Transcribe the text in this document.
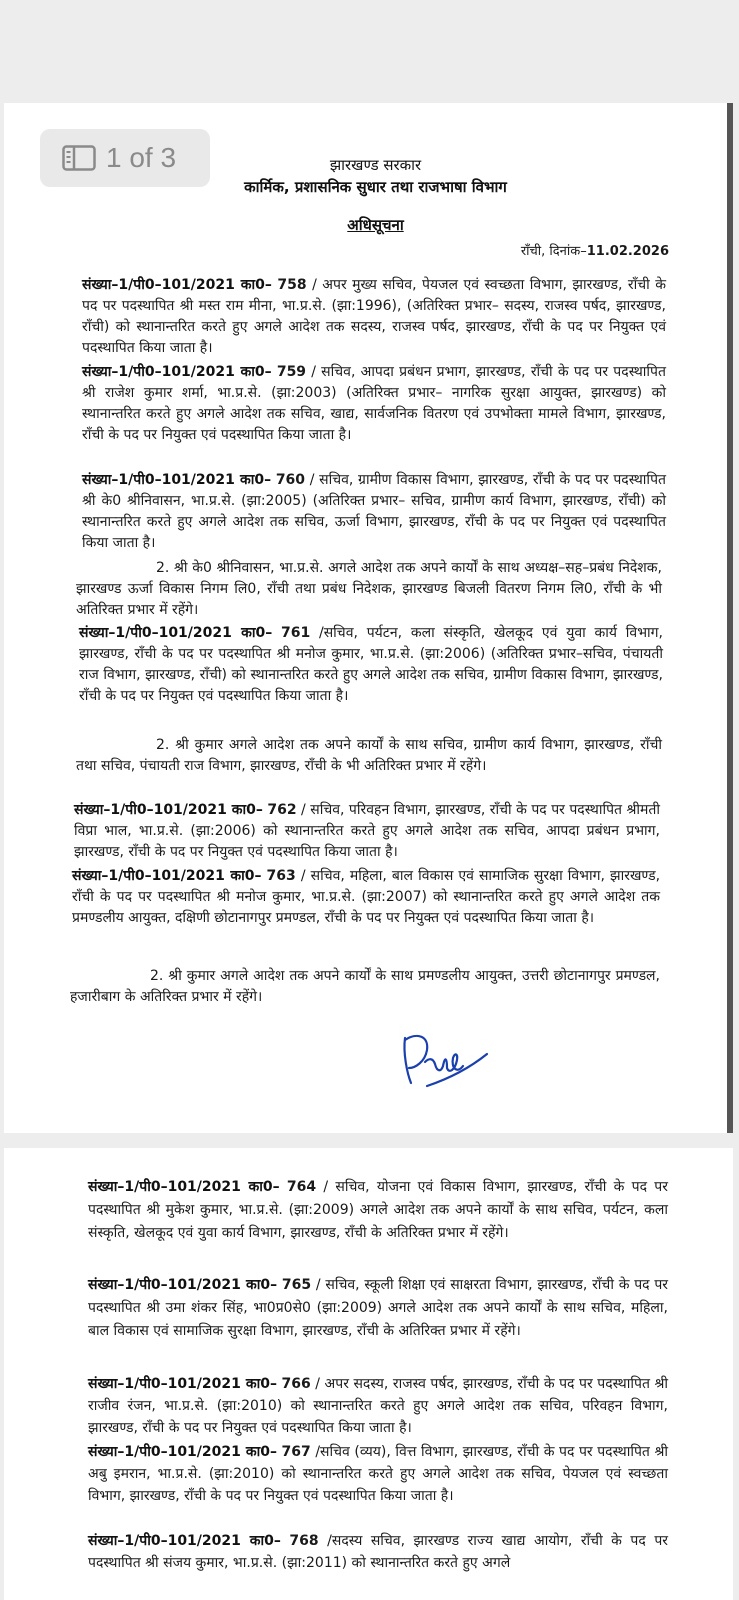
1 of 3	झारखण्ड सरकार
कार्मिक, प्रशासनिक सुधार तथा राजभाषा विभाग
अधिसूचना
राँची, दिनांक–11.02.2026

संख्या–1/पी0–101/2021 का0– 758 / अपर मुख्य सचिव, पेयजल एवं स्वच्छता विभाग, झारखण्ड, राँची के पद पर पदस्थापित श्री मस्त राम मीना, भा.प्र.से. (झा:1996), (अतिरिक्त प्रभार– सदस्य, राजस्व पर्षद, झारखण्ड, राँची) को स्थानान्तरित करते हुए अगले आदेश तक सदस्य, राजस्व पर्षद, झारखण्ड, राँची के पद पर नियुक्त एवं पदस्थापित किया जाता है।

संख्या–1/पी0–101/2021 का0– 759 / सचिव, आपदा प्रबंधन प्रभाग, झारखण्ड, राँची के पद पर पदस्थापित श्री राजेश कुमार शर्मा, भा.प्र.से. (झा:2003) (अतिरिक्त प्रभार– नागरिक सुरक्षा आयुक्त, झारखण्ड) को स्थानान्तरित करते हुए अगले आदेश तक सचिव, खाद्य, सार्वजनिक वितरण एवं उपभोक्ता मामले विभाग, झारखण्ड, राँची के पद पर नियुक्त एवं पदस्थापित किया जाता है।

संख्या–1/पी0–101/2021 का0– 760 / सचिव, ग्रामीण विकास विभाग, झारखण्ड, राँची के पद पर पदस्थापित श्री के0 श्रीनिवासन, भा.प्र.से. (झा:2005) (अतिरिक्त प्रभार– सचिव, ग्रामीण कार्य विभाग, झारखण्ड, राँची) को स्थानान्तरित करते हुए अगले आदेश तक सचिव, ऊर्जा विभाग, झारखण्ड, राँची के पद पर नियुक्त एवं पदस्थापित किया जाता है।

2. श्री के0 श्रीनिवासन, भा.प्र.से. अगले आदेश तक अपने कार्यों के साथ अध्यक्ष–सह–प्रबंध निदेशक, झारखण्ड ऊर्जा विकास निगम लि0, राँची तथा प्रबंध निदेशक, झारखण्ड बिजली वितरण निगम लि0, राँची के भी अतिरिक्त प्रभार में रहेंगे।

संख्या–1/पी0–101/2021 का0– 761 /सचिव, पर्यटन, कला संस्कृति, खेलकूद एवं युवा कार्य विभाग, झारखण्ड, राँची के पद पर पदस्थापित श्री मनोज कुमार, भा.प्र.से. (झा:2006) (अतिरिक्त प्रभार–सचिव, पंचायती राज विभाग, झारखण्ड, राँची) को स्थानान्तरित करते हुए अगले आदेश तक सचिव, ग्रामीण विकास विभाग, झारखण्ड, राँची के पद पर नियुक्त एवं पदस्थापित किया जाता है।

2. श्री कुमार अगले आदेश तक अपने कार्यों के साथ सचिव, ग्रामीण कार्य विभाग, झारखण्ड, राँची तथा सचिव, पंचायती राज विभाग, झारखण्ड, राँची के भी अतिरिक्त प्रभार में रहेंगे।

संख्या–1/पी0–101/2021 का0– 762 / सचिव, परिवहन विभाग, झारखण्ड, राँची के पद पर पदस्थापित श्रीमती विप्रा भाल, भा.प्र.से. (झा:2006) को स्थानान्तरित करते हुए अगले आदेश तक सचिव, आपदा प्रबंधन प्रभाग, झारखण्ड, राँची के पद पर नियुक्त एवं पदस्थापित किया जाता है।

संख्या–1/पी0–101/2021 का0– 763 / सचिव, महिला, बाल विकास एवं सामाजिक सुरक्षा विभाग, झारखण्ड, राँची के पद पर पदस्थापित श्री मनोज कुमार, भा.प्र.से. (झा:2007) को स्थानान्तरित करते हुए अगले आदेश तक प्रमण्डलीय आयुक्त, दक्षिणी छोटानागपुर प्रमण्डल, राँची के पद पर नियुक्त एवं पदस्थापित किया जाता है।

2. श्री कुमार अगले आदेश तक अपने कार्यों के साथ प्रमण्डलीय आयुक्त, उत्तरी छोटानागपुर प्रमण्डल, हजारीबाग के अतिरिक्त प्रभार में रहेंगे।

संख्या–1/पी0–101/2021 का0– 764 / सचिव, योजना एवं विकास विभाग, झारखण्ड, राँची के पद पर पदस्थापित श्री मुकेश कुमार, भा.प्र.से. (झा:2009) अगले आदेश तक अपने कार्यों के साथ सचिव, पर्यटन, कला संस्कृति, खेलकूद एवं युवा कार्य विभाग, झारखण्ड, राँची के अतिरिक्त प्रभार में रहेंगे।

संख्या–1/पी0–101/2021 का0– 765 / सचिव, स्कूली शिक्षा एवं साक्षरता विभाग, झारखण्ड, राँची के पद पर पदस्थापित श्री उमा शंकर सिंह, भा0प्र0से0 (झा:2009) अगले आदेश तक अपने कार्यों के साथ सचिव, महिला, बाल विकास एवं सामाजिक सुरक्षा विभाग, झारखण्ड, राँची के अतिरिक्त प्रभार में रहेंगे।

संख्या–1/पी0–101/2021 का0– 766 / अपर सदस्य, राजस्व पर्षद, झारखण्ड, राँची के पद पर पदस्थापित श्री राजीव रंजन, भा.प्र.से. (झा:2010) को स्थानान्तरित करते हुए अगले आदेश तक सचिव, परिवहन विभाग, झारखण्ड, राँची के पद पर नियुक्त एवं पदस्थापित किया जाता है।

संख्या–1/पी0–101/2021 का0– 767 /सचिव (व्यय), वित्त विभाग, झारखण्ड, राँची के पद पर पदस्थापित श्री अबु इमरान, भा.प्र.से. (झा:2010) को स्थानान्तरित करते हुए अगले आदेश तक सचिव, पेयजल एवं स्वच्छता विभाग, झारखण्ड, राँची के पद पर नियुक्त एवं पदस्थापित किया जाता है।

संख्या–1/पी0–101/2021 का0– 768 /सदस्य सचिव, झारखण्ड राज्य खाद्य आयोग, राँची के पद पर पदस्थापित श्री संजय कुमार, भा.प्र.से. (झा:2011) को स्थानान्तरित करते हुए अगले
